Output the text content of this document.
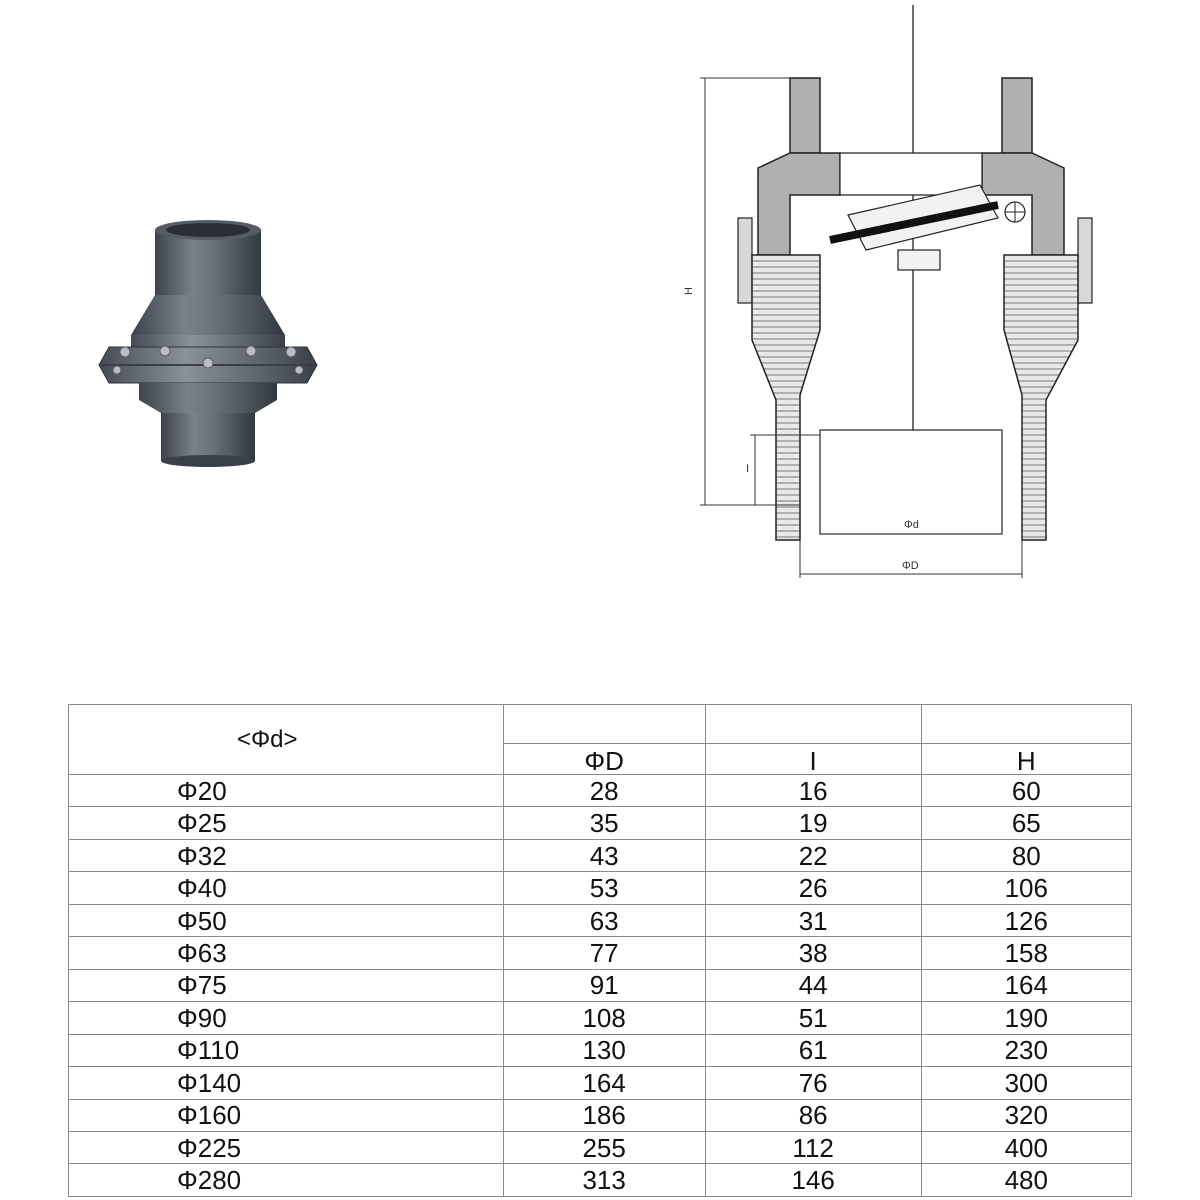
H
I
Φd
ΦD
<Φd>			
	ΦD	I	H
Φ20	28	16	60
Φ25	35	19	65
Φ32	43	22	80
Φ40	53	26	106
Φ50	63	31	126
Φ63	77	38	158
Φ75	91	44	164
Φ90	108	51	190
Φ110	130	61	230
Φ140	164	76	300
Φ160	186	86	320
Φ225	255	112	400
Φ280	313	146	480
